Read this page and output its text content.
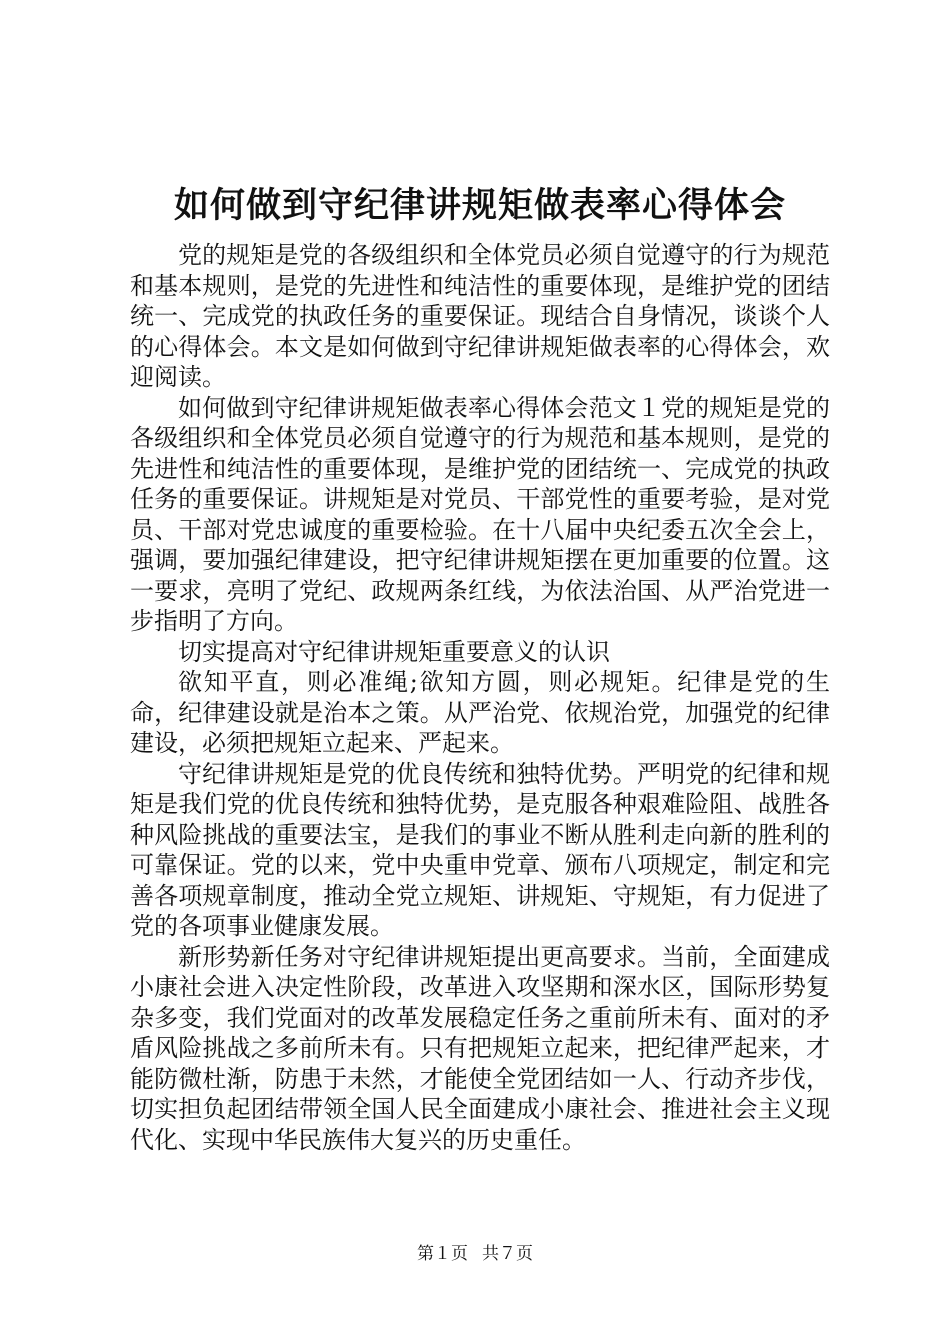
如何做到守纪律讲规矩做表率心得体会

党的规矩是党的各级组织和全体党员必须自觉遵守的行为规范和基本规则，是党的先进性和纯洁性的重要体现，是维护党的团结统一、完成党的执政任务的重要保证。现结合自身情况，谈谈个人的心得体会。本文是如何做到守纪律讲规矩做表率的心得体会，欢迎阅读。

如何做到守纪律讲规矩做表率心得体会范文１党的规矩是党的各级组织和全体党员必须自觉遵守的行为规范和基本规则，是党的先进性和纯洁性的重要体现，是维护党的团结统一、完成党的执政任务的重要保证。讲规矩是对党员、干部党性的重要考验，是对党员、干部对党忠诚度的重要检验。在十八届中央纪委五次全会上，强调，要加强纪律建设，把守纪律讲规矩摆在更加重要的位置。这一要求，亮明了党纪、政规两条红线，为依法治国、从严治党进一步指明了方向。

切实提高对守纪律讲规矩重要意义的认识

欲知平直，则必准绳;欲知方圆，则必规矩。纪律是党的生命，纪律建设就是治本之策。从严治党、依规治党，加强党的纪律建设，必须把规矩立起来、严起来。

守纪律讲规矩是党的优良传统和独特优势。严明党的纪律和规矩是我们党的优良传统和独特优势，是克服各种艰难险阻、战胜各种风险挑战的重要法宝，是我们的事业不断从胜利走向新的胜利的可靠保证。党的以来，党中央重申党章、颁布八项规定，制定和完善各项规章制度，推动全党立规矩、讲规矩、守规矩，有力促进了党的各项事业健康发展。

新形势新任务对守纪律讲规矩提出更高要求。当前，全面建成小康社会进入决定性阶段，改革进入攻坚期和深水区，国际形势复杂多变，我们党面对的改革发展稳定任务之重前所未有、面对的矛盾风险挑战之多前所未有。只有把规矩立起来，把纪律严起来，才能防微杜渐，防患于未然，才能使全党团结如一人、行动齐步伐，切实担负起团结带领全国人民全面建成小康社会、推进社会主义现代化、实现中华民族伟大复兴的历史重任。

第１页 共７页
